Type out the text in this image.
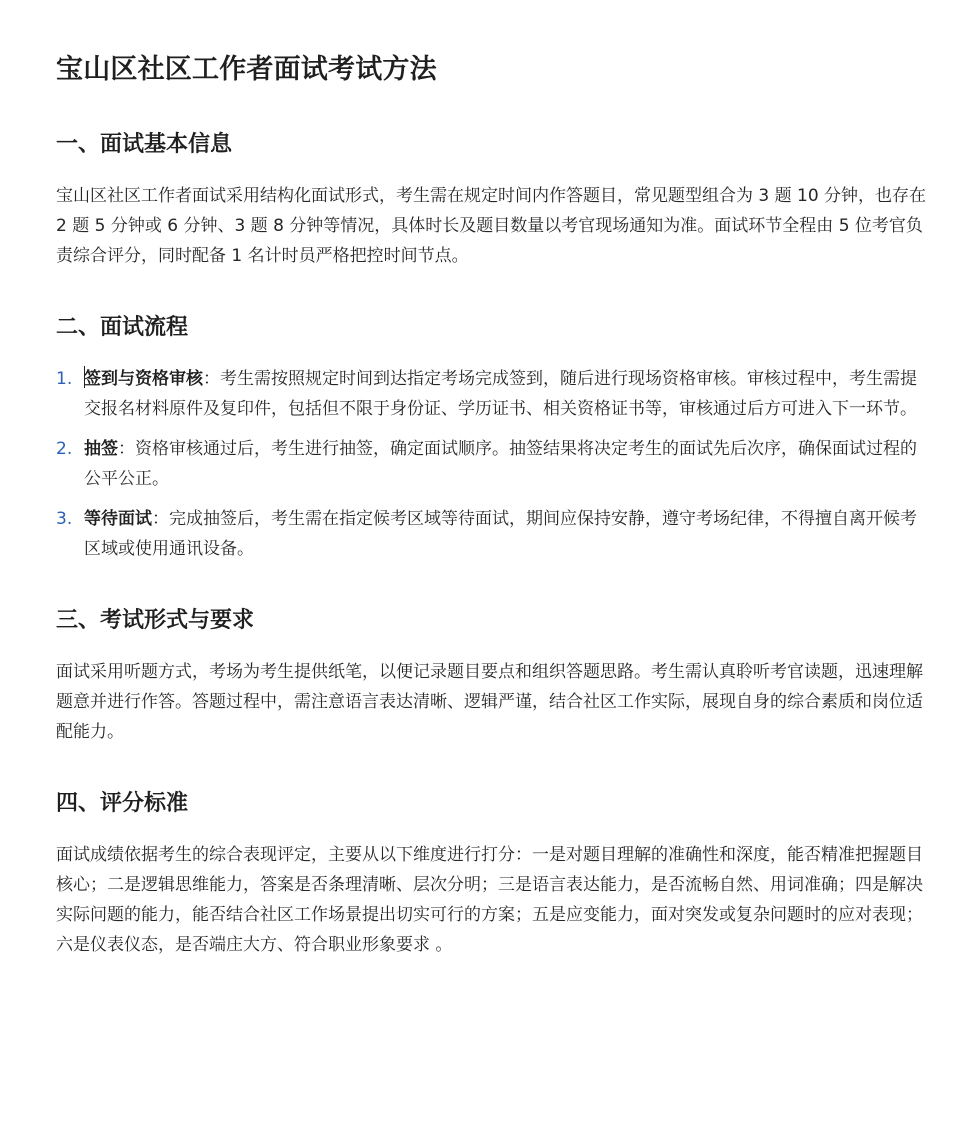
宝山区社区工作者面试考试方法
一、面试基本信息

宝山区社区工作者面试采用结构化面试形式，考生需在规定时间内作答题目，常见题型组合为 3 题 10 分钟，也存在 2 题 5 分钟或 6 分钟、3 题 8 分钟等情况，具体时长及题目数量以考官现场通知为准。面试环节全程由 5 位考官负责综合评分，同时配备 1 名计时员严格把控时间节点。

二、面试流程
1. 签到与资格审核：考生需按照规定时间到达指定考场完成签到，随后进行现场资格审核。审核过程中，考生需提交报名材料原件及复印件，包括但不限于身份证、学历证书、相关资格证书等，审核通过后方可进入下一环节。
2. 抽签：资格审核通过后，考生进行抽签，确定面试顺序。抽签结果将决定考生的面试先后次序，确保面试过程的公平公正。
3. 等待面试：完成抽签后，考生需在指定候考区域等待面试，期间应保持安静，遵守考场纪律，不得擅自离开候考区域或使用通讯设备。
三、考试形式与要求

面试采用听题方式，考场为考生提供纸笔，以便记录题目要点和组织答题思路。考生需认真聆听考官读题，迅速理解题意并进行作答。答题过程中，需注意语言表达清晰、逻辑严谨，结合社区工作实际，展现自身的综合素质和岗位适配能力。

四、评分标准

面试成绩依据考生的综合表现评定，主要从以下维度进行打分：一是对题目理解的准确性和深度，能否精准把握题目核心；二是逻辑思维能力，答案是否条理清晰、层次分明；三是语言表达能力，是否流畅自然、用词准确；四是解决实际问题的能力，能否结合社区工作场景提出切实可行的方案；五是应变能力，面对突发或复杂问题时的应对表现；六是仪表仪态，是否端庄大方、符合职业形象要求 。
